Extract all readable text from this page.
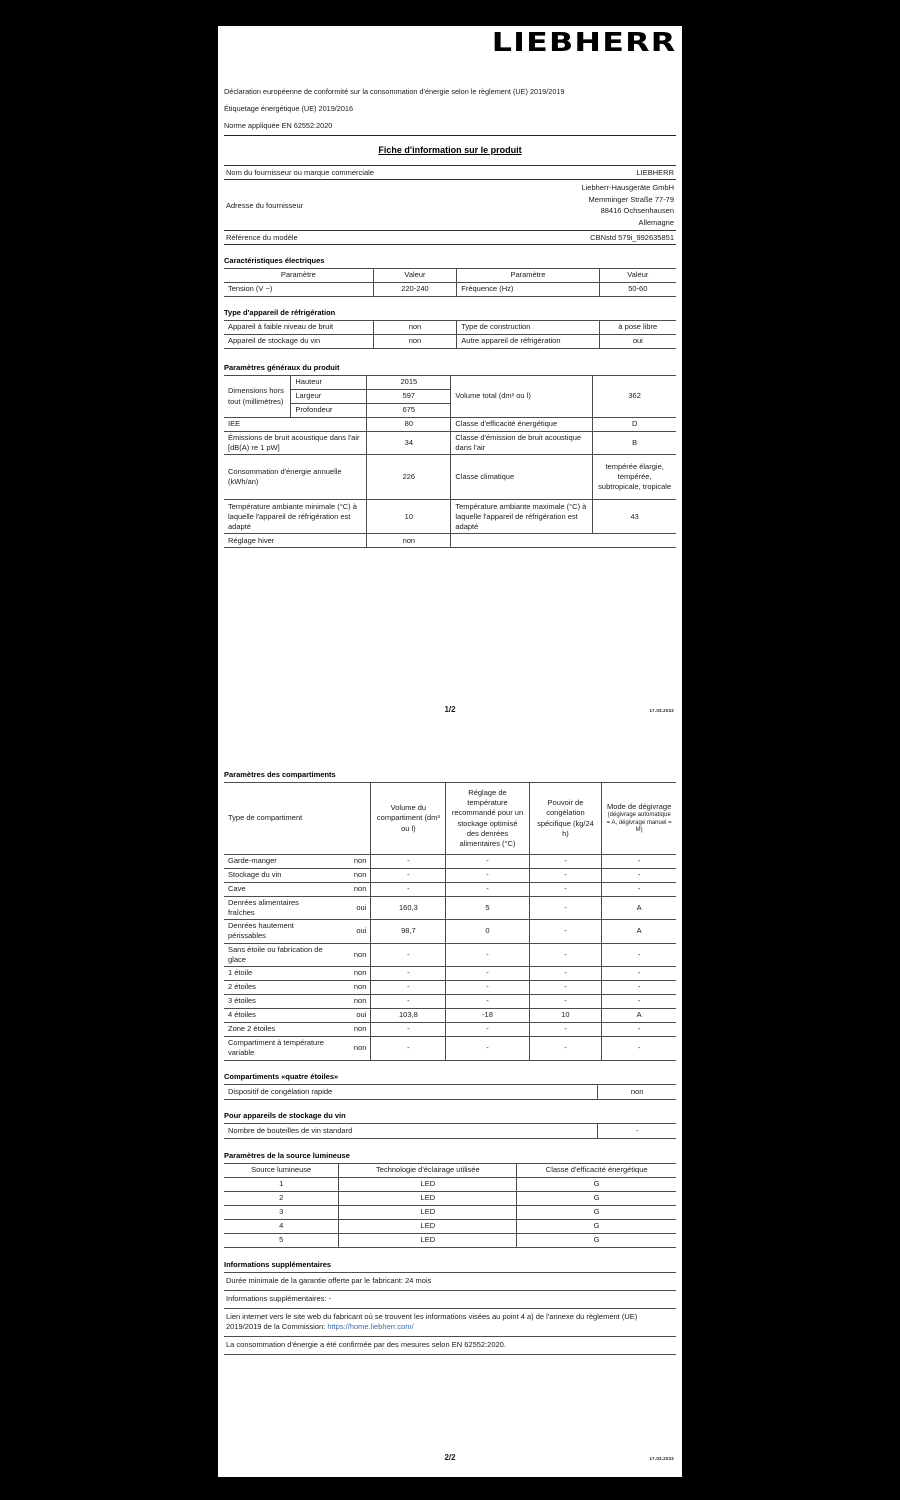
LIEBHERR
Déclaration européenne de conformité sur la consommation d'énergie selon le règlement (UE) 2019/2019
Étiquetage énergétique (UE) 2019/2016
Norme appliquée EN 62552:2020
Fiche d'information sur le produit
Nom du fournisseur ou marque commerciale	LIEBHERR
Adresse du fournisseur	Liebherr-Hausgeräte GmbH
Memminger Straße 77-79
88416 Ochsenhausen
Allemagne

Référence du modèle	CBNstd 579i_992635851
Caractéristiques électriques
Paramètre	Valeur	Paramètre	Valeur
Tension (V ~)	220-240	Fréquence (Hz)	50-60
Type d'appareil de réfrigération
Appareil à faible niveau de bruit	non	Type de construction	à pose libre
Appareil de stockage du vin	non	Autre appareil de réfrigération	oui
Paramètres généraux du produit
Dimensions hors tout (millimètres)	Hauteur	2015	Volume total (dm³ ou l)	362
	Largeur	597		
	Profondeur	675		
IEE		80	Classe d'efficacité énergétique	D
Émissions de bruit acoustique dans l'air [dB(A) re 1 pW]		34	Classe d'émission de bruit acoustique dans l'air	B
Consommation d'énergie annuelle (kWh/an)		226	Classe climatique	tempérée élargie, tempérée, subtropicale, tropicale
Température ambiante minimale (°C) à laquelle l'appareil de réfrigération est adapté		10	Température ambiante maximale (°C) à laquelle l'appareil de réfrigération est adapté	43
Réglage hiver		non		
1/2	17.03.2022
Paramètres des compartiments
Type de compartiment		Volume du compartiment (dm³ ou l)	Réglage de température recommandé pour un stockage optimisé des denrées alimentaires (°C)	Pouvoir de congélation spécifique (kg/24 h)	Mode de dégivrage
(dégivrage automatique = A, dégivrage manuel = M)

Garde-manger	non	-	-	-	-
Stockage du vin	non	-	-	-	-
Cave	non	-	-	-	-
Denrées alimentaires fraîches	oui	160,3	5	-	A
Denrées hautement périssables	oui	98,7	0	-	A
Sans étoile ou fabrication de glace	non	-	-	-	-
1 étoile	non	-	-	-	-
2 étoiles	non	-	-	-	-
3 étoiles	non	-	-	-	-
4 étoiles	oui	103,8	-18	10	A
Zone 2 étoiles	non	-	-	-	-
Compartiment à température variable	non	-	-	-	-
Compartiments «quatre étoiles»
Dispositif de congélation rapide	non
Pour appareils de stockage du vin
Nombre de bouteilles de vin standard	-
Paramètres de la source lumineuse
Source lumineuse	Technologie d'éclairage utilisée	Classe d'efficacité énergétique
1	LED	G
2	LED	G
3	LED	G
4	LED	G
5	LED	G
Informations supplémentaires
Durée minimale de la garantie offerte par le fabricant: 24 mois
Informations supplémentaires: -
Lien internet vers le site web du fabricant où se trouvent les informations visées au point 4 a) de l'annexe du règlement (UE) 2019/2019 de la Commission: https://home.liebherr.com/
La consommation d'énergie a été confirmée par des mesures selon EN 62552:2020.
2/2	17.03.2022
